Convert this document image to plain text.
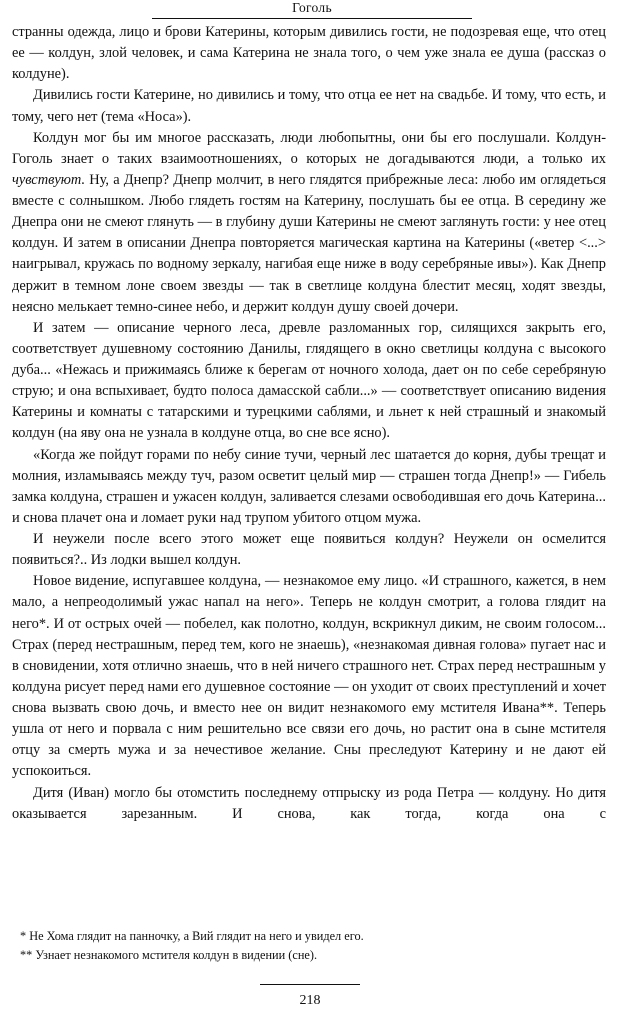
Гоголь

странны одежда, лицо и брови Катерины, которым дивились гости, не подозревая еще, что отец ее — колдун, злой человек, и сама Катерина не знала того, о чем уже знала ее душа (рассказ о колдуне).

Дивились гости Катерине, но дивились и тому, что отца ее нет на свадьбе. И тому, что есть, и тому, чего нет (тема «Носа»).

Колдун мог бы им многое рассказать, люди любопытны, они бы его послушали. Колдун-Гоголь знает о таких взаимоотношениях, о которых не догадываются люди, а только их чувствуют. Ну, а Днепр? Днепр молчит, в него глядятся прибрежные леса: любо им оглядеться вместе с солнышком. Любо глядеть гостям на Катерину, послушать бы ее отца. В середину же Днепра они не смеют глянуть — в глубину души Катерины не смеют заглянуть гости: у нее отец колдун. И затем в описании Днепра повторяется магическая картина на Катерины («ветер <...> наигрывал, кружась по водному зеркалу, нагибая еще ниже в воду серебряные ивы»). Как Днепр держит в темном лоне своем звезды — так в светлице колдуна блестит месяц, ходят звезды, неясно мелькает темно-синее небо, и держит колдун душу своей дочери.

И затем — описание черного леса, древле разломанных гор, силящихся закрыть его, соответствует душевному состоянию Данилы, глядящего в окно светлицы колдуна с высокого дуба... «Нежась и прижимаясь ближе к берегам от ночного холода, дает он по себе серебряную струю; и она вспыхивает, будто полоса дамасской сабли...» — соответствует описанию видения Катерины и комнаты с татарскими и турецкими саблями, и льнет к ней страшный и знакомый колдун (на яву она не узнала в колдуне отца, во сне все ясно).

«Когда же пойдут горами по небу синие тучи, черный лес шатается до корня, дубы трещат и молния, изламываясь между туч, разом осветит целый мир — страшен тогда Днепр!» — Гибель замка колдуна, страшен и ужасен колдун, заливается слезами освободившая его дочь Катерина... и снова плачет она и ломает руки над трупом убитого отцом мужа.

И неужели после всего этого может еще появиться колдун? Неужели он осмелится появиться?.. Из лодки вышел колдун.

Новое видение, испугавшее колдуна, — незнакомое ему лицо. «И страшного, кажется, в нем мало, а непреодолимый ужас напал на него». Теперь не колдун смотрит, а голова глядит на него*. И от острых очей — побелел, как полотно, колдун, вскрикнул диким, не своим голосом... Страх (перед нестрашным, перед тем, кого не знаешь), «незнакомая дивная голова» пугает нас и в сновидении, хотя отлично знаешь, что в ней ничего страшного нет. Страх перед нестрашным у колдуна рисует перед нами его душевное состояние — он уходит от своих преступлений и хочет снова вызвать свою дочь, и вместо нее он видит незнакомого ему мстителя Ивана**. Теперь ушла от него и порвала с ним решительно все связи его дочь, но растит она в сыне мстителя отцу за смерть мужа и за нечестивое желание. Сны преследуют Катерину и не дают ей успокоиться.

Дитя (Иван) могло бы отомстить последнему отпрыску из рода Петра — колдуну. Но дитя оказывается зарезанным. И снова, как тогда, когда она с

* Не Хома глядит на панночку, а Вий глядит на него и увидел его.

** Узнает незнакомого мстителя колдун в видении (сне).

218
